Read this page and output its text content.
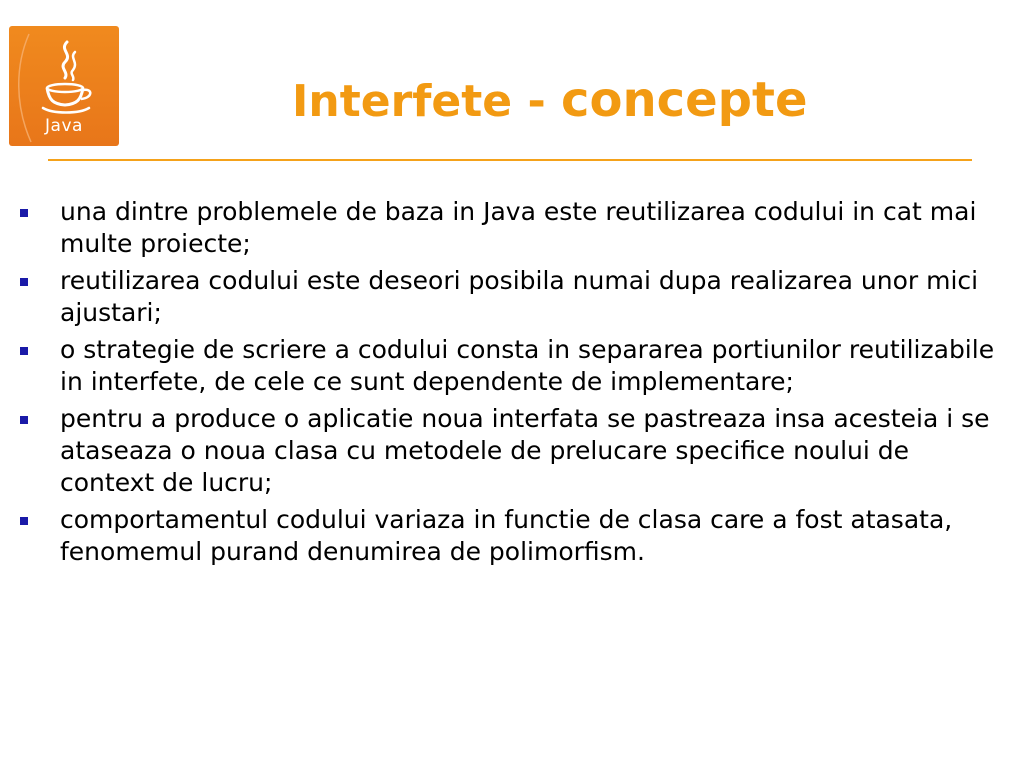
Java	Interfete - concepte
una dintre problemele de baza in Java este reutilizarea codului in cat mai multe proiecte;
reutilizarea codului este deseori posibila numai dupa realizarea unor mici ajustari;
o strategie de scriere a codului consta in separarea portiunilor reutilizabile in interfete, de cele ce sunt dependente de implementare;
pentru a produce o aplicatie noua interfata se pastreaza insa acesteia i se ataseaza o noua clasa cu metodele de prelucare specifice noului de context de lucru;
comportamentul codului variaza in functie de clasa care a fost atasata, fenomemul purand denumirea de polimorfism.
